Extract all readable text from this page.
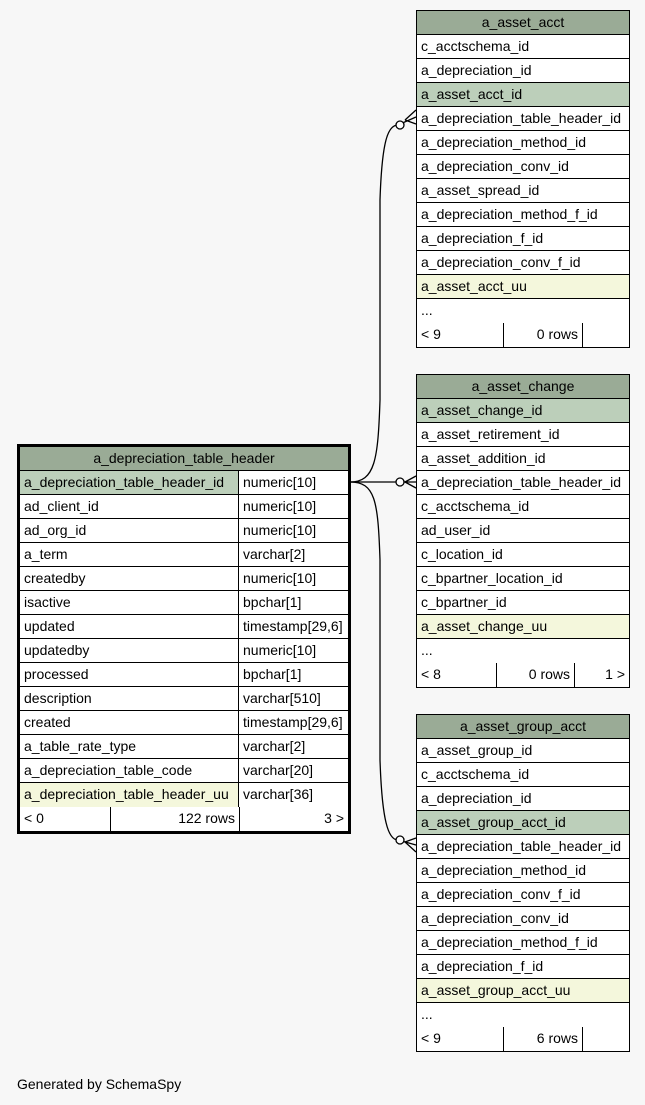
a_depreciation_table_header
a_depreciation_table_header_id	numeric[10]
ad_client_id	numeric[10]
ad_org_id	numeric[10]
a_term	varchar[2]
createdby	numeric[10]
isactive	bpchar[1]
updated	timestamp[29,6]
updatedby	numeric[10]
processed	bpchar[1]
description	varchar[510]
created	timestamp[29,6]
a_table_rate_type	varchar[2]
a_depreciation_table_code	varchar[20]
a_depreciation_table_header_uu	varchar[36]
< 0	122 rows	3 >
a_asset_acct
c_acctschema_id
a_depreciation_id
a_asset_acct_id
a_depreciation_table_header_id
a_depreciation_method_id
a_depreciation_conv_id
a_asset_spread_id
a_depreciation_method_f_id
a_depreciation_f_id
a_depreciation_conv_f_id
a_asset_acct_uu
...
< 9	0 rows
a_asset_change
a_asset_change_id
a_asset_retirement_id
a_asset_addition_id
a_depreciation_table_header_id
c_acctschema_id
ad_user_id
c_location_id
c_bpartner_location_id
c_bpartner_id
a_asset_change_uu
...
< 8	0 rows	1 >
a_asset_group_acct
a_asset_group_id
c_acctschema_id
a_depreciation_id
a_asset_group_acct_id
a_depreciation_table_header_id
a_depreciation_method_id
a_depreciation_conv_f_id
a_depreciation_conv_id
a_depreciation_method_f_id
a_depreciation_f_id
a_asset_group_acct_uu
...
< 9	6 rows
Generated by SchemaSpy
